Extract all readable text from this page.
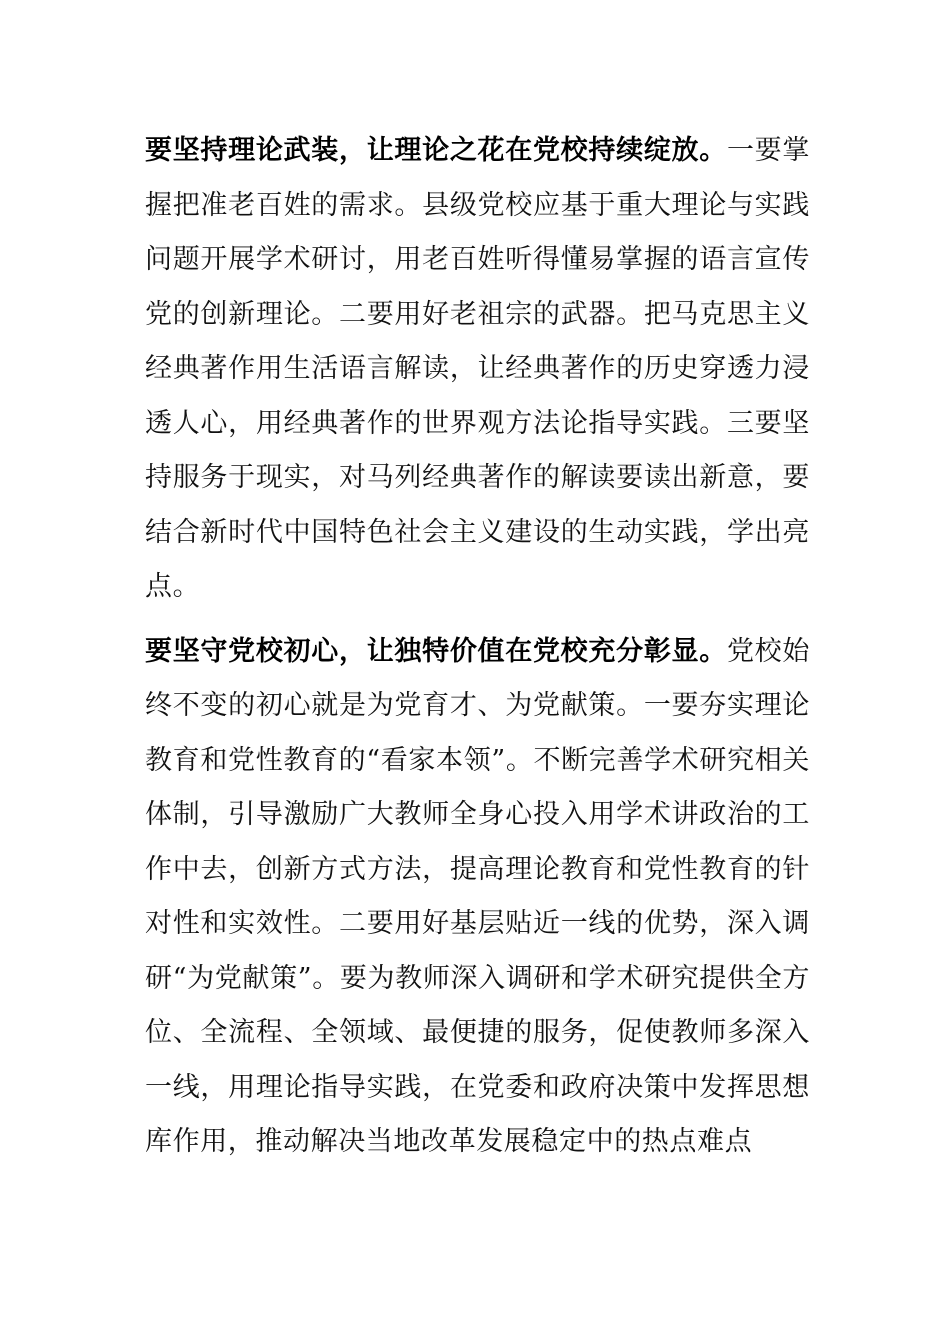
要坚持理论武装，让理论之花在党校持续绽放。一要掌握把准老百姓的需求。县级党校应基于重大理论与实践问题开展学术研讨，用老百姓听得懂易掌握的语言宣传党的创新理论。二要用好老祖宗的武器。把马克思主义经典著作用生活语言解读，让经典著作的历史穿透力浸透人心，用经典著作的世界观方法论指导实践。三要坚持服务于现实，对马列经典著作的解读要读出新意，要结合新时代中国特色社会主义建设的生动实践，学出亮点。

要坚守党校初心，让独特价值在党校充分彰显。党校始终不变的初心就是为党育才、为党献策。一要夯实理论教育和党性教育的“看家本领”。不断完善学术研究相关体制，引导激励广大教师全身心投入用学术讲政治的工作中去，创新方式方法，提高理论教育和党性教育的针对性和实效性。二要用好基层贴近一线的优势，深入调研“为党献策”。要为教师深入调研和学术研究提供全方位、全流程、全领域、最便捷的服务，促使教师多深入一线，用理论指导实践，在党委和政府决策中发挥思想库作用，推动解决当地改革发展稳定中的热点难点
